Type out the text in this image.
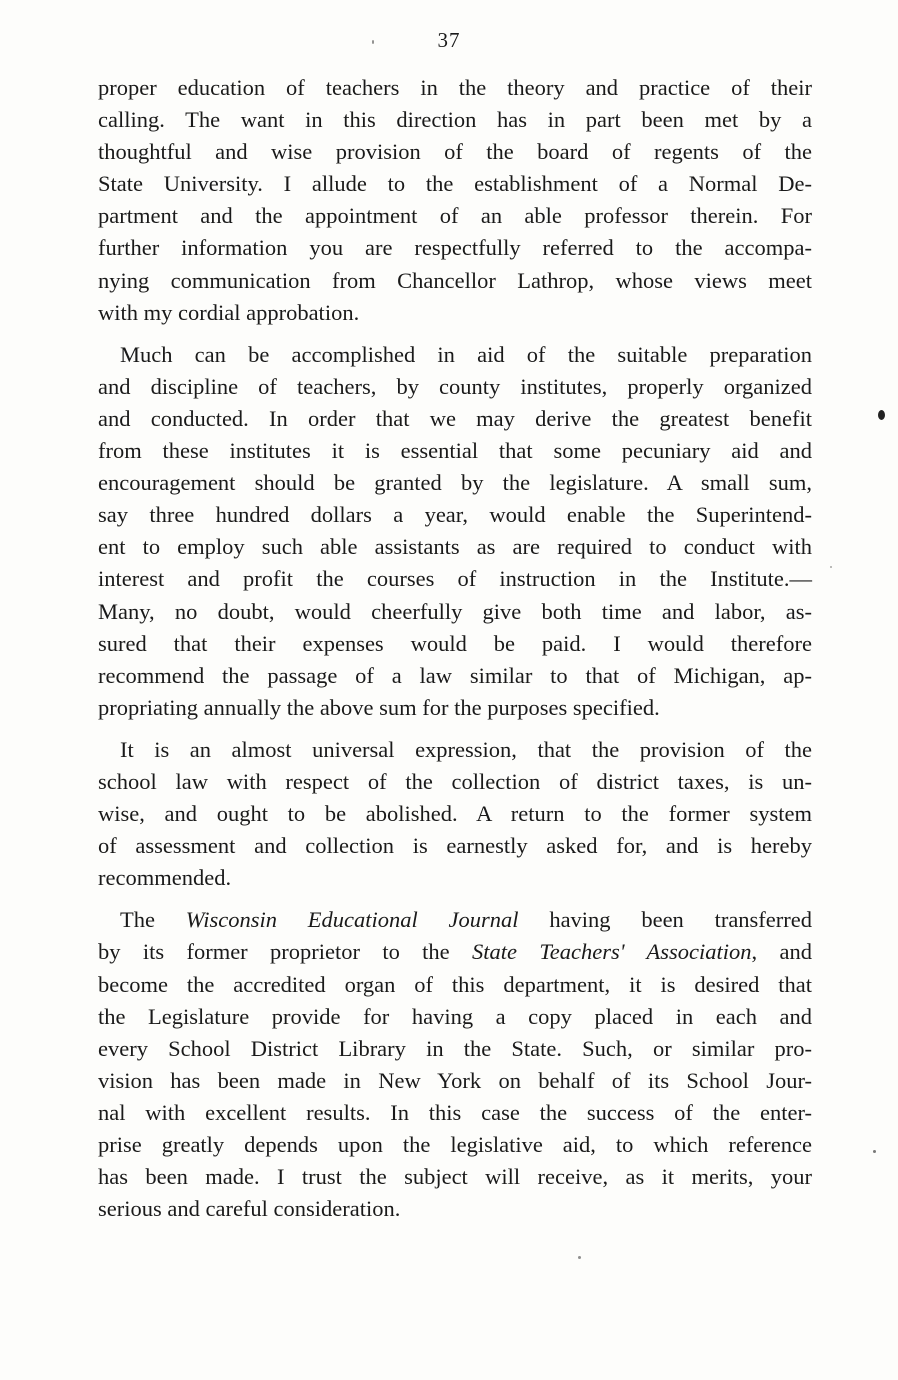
37
proper education of teachers in the theory and practice of their
calling. The want in this direction has in part been met by a
thoughtful and wise provision of the board of regents of the
State University. I allude to the establishment of a Normal De-
partment and the appointment of an able professor therein. For
further information you are respectfully referred to the accompa-
nying communication from Chancellor Lathrop, whose views meet
with my cordial approbation.
Much can be accomplished in aid of the suitable preparation
and discipline of teachers, by county institutes, properly organized
and conducted. In order that we may derive the greatest benefit
from these institutes it is essential that some pecuniary aid and
encouragement should be granted by the legislature. A small sum,
say three hundred dollars a year, would enable the Superintend-
ent to employ such able assistants as are required to conduct with
interest and profit the courses of instruction in the Institute.—
Many, no doubt, would cheerfully give both time and labor, as-
sured that their expenses would be paid. I would therefore
recommend the passage of a law similar to that of Michigan, ap-
propriating annually the above sum for the purposes specified.
It is an almost universal expression, that the provision of the
school law with respect of the collection of district taxes, is un-
wise, and ought to be abolished. A return to the former system
of assessment and collection is earnestly asked for, and is hereby
recommended.
The Wisconsin Educational Journal having been transferred
by its former proprietor to the State Teachers' Association, and
become the accredited organ of this department, it is desired that
the Legislature provide for having a copy placed in each and
every School District Library in the State. Such, or similar pro-
vision has been made in New York on behalf of its School Jour-
nal with excellent results. In this case the success of the enter-
prise greatly depends upon the legislative aid, to which reference
has been made. I trust the subject will receive, as it merits, your
serious and careful consideration.
